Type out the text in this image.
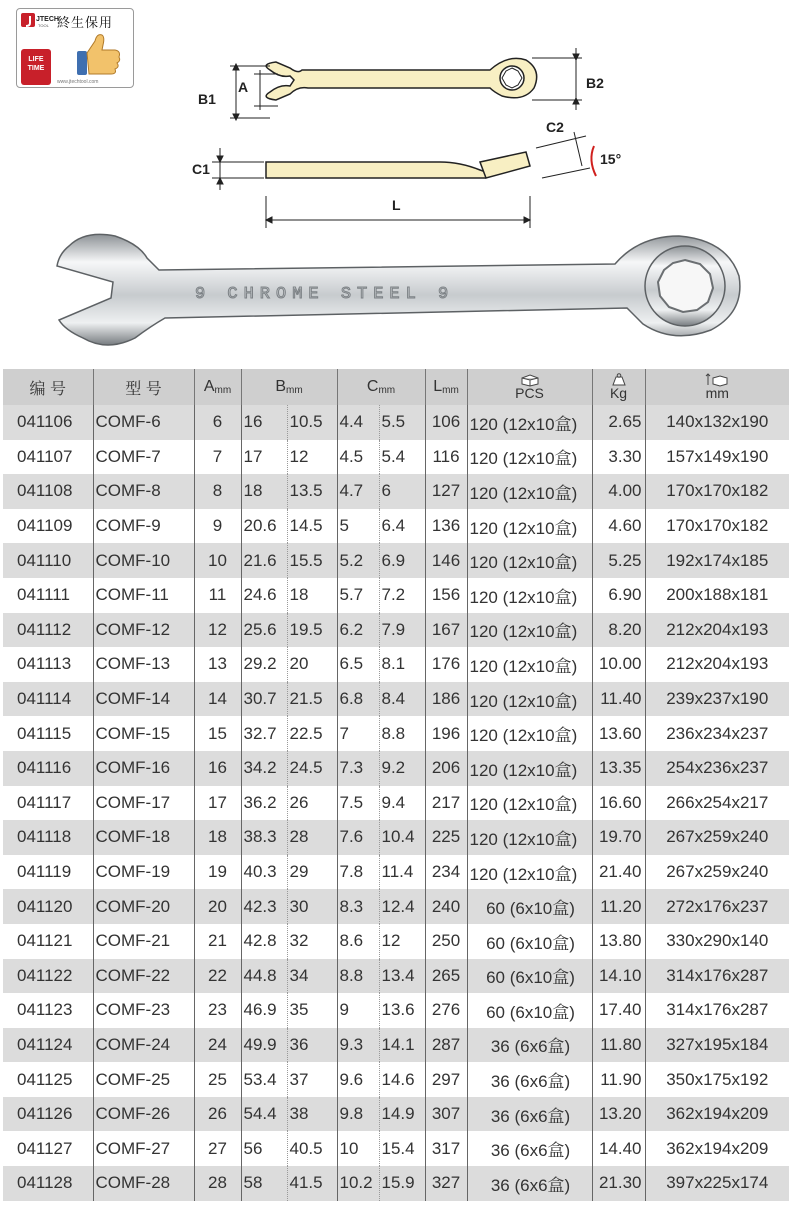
JTECH
TOOL
LIFE
TIME
終生保用
www.jtechtool.com
B1
A	B2
C1
C2
15°
L
9 CHROME STEEL 9
编 号	型 号	$A_{mm}$	$B_{mm}$		$C_{mm}$		$L_{mm}$	PCS	Kg	mm
041106	COMF-6	6	16	10.5	4.4	5.5	106	120 (12x10盒)	2.65	140x132x190
041107	COMF-7	7	17	12	4.5	5.4	116	120 (12x10盒)	3.30	157x149x190
041108	COMF-8	8	18	13.5	4.7	6	127	120 (12x10盒)	4.00	170x170x182
041109	COMF-9	9	20.6	14.5	5	6.4	136	120 (12x10盒)	4.60	170x170x182
041110	COMF-10	10	21.6	15.5	5.2	6.9	146	120 (12x10盒)	5.25	192x174x185
041111	COMF-11	11	24.6	18	5.7	7.2	156	120 (12x10盒)	6.90	200x188x181
041112	COMF-12	12	25.6	19.5	6.2	7.9	167	120 (12x10盒)	8.20	212x204x193
041113	COMF-13	13	29.2	20	6.5	8.1	176	120 (12x10盒)	10.00	212x204x193
041114	COMF-14	14	30.7	21.5	6.8	8.4	186	120 (12x10盒)	11.40	239x237x190
041115	COMF-15	15	32.7	22.5	7	8.8	196	120 (12x10盒)	13.60	236x234x237
041116	COMF-16	16	34.2	24.5	7.3	9.2	206	120 (12x10盒)	13.35	254x236x237
041117	COMF-17	17	36.2	26	7.5	9.4	217	120 (12x10盒)	16.60	266x254x217
041118	COMF-18	18	38.3	28	7.6	10.4	225	120 (12x10盒)	19.70	267x259x240
041119	COMF-19	19	40.3	29	7.8	11.4	234	120 (12x10盒)	21.40	267x259x240
041120	COMF-20	20	42.3	30	8.3	12.4	240	60 (6x10盒)	11.20	272x176x237
041121	COMF-21	21	42.8	32	8.6	12	250	60 (6x10盒)	13.80	330x290x140
041122	COMF-22	22	44.8	34	8.8	13.4	265	60 (6x10盒)	14.10	314x176x287
041123	COMF-23	23	46.9	35	9	13.6	276	60 (6x10盒)	17.40	314x176x287
041124	COMF-24	24	49.9	36	9.3	14.1	287	36 (6x6盒)	11.80	327x195x184
041125	COMF-25	25	53.4	37	9.6	14.6	297	36 (6x6盒)	11.90	350x175x192
041126	COMF-26	26	54.4	38	9.8	14.9	307	36 (6x6盒)	13.20	362x194x209
041127	COMF-27	27	56	40.5	10	15.4	317	36 (6x6盒)	14.40	362x194x209
041128	COMF-28	28	58	41.5	10.2	15.9	327	36 (6x6盒)	21.30	397x225x174
